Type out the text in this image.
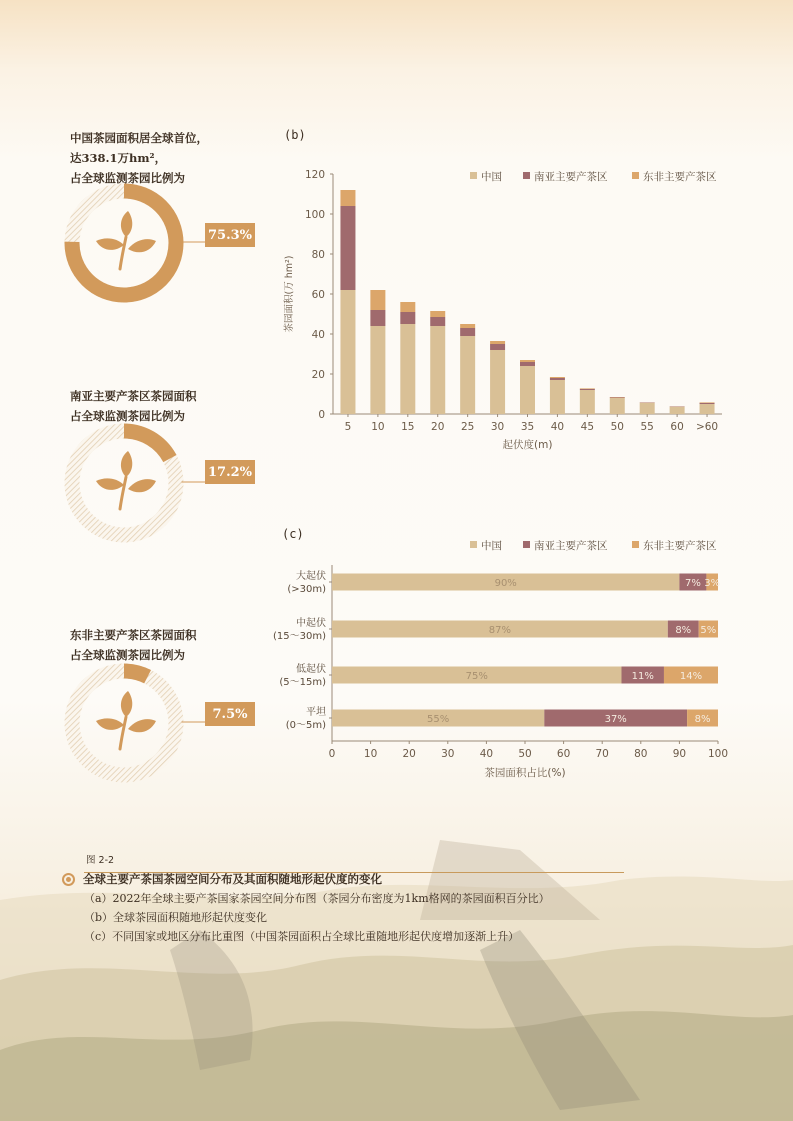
中国茶园面积居全球首位，
达338.1万hm²，
占全球监测茶园比例为
75.3%
南亚主要产茶区茶园面积
占全球监测茶园比例为
17.2%
东非主要产茶区茶园面积
占全球监测茶园比例为
7.5%
(b)
(c)
0
20
40
60
80
100
120
茶园面积(万 hm²)
5 10 15 20 25 30 35 40 45 50 55 60 >60
起伏度(m)
中国	南亚主要产茶区	东非主要产茶区
0	10 20 30 40 50 60 70 80 90 100
茶园面积占比(%)
大起伏
(>30m)
90%	7% 3%
中起伏
(15～30m)
87%	8% 5%
低起伏
(5～15m)
75%	11%	14%
平坦
(0～5m)
55%	37%	8%
中国	南亚主要产茶区	东非主要产茶区
图 2-2
全球主要产茶国茶园空间分布及其面积随地形起伏度的变化
（a）2022年全球主要产茶国家茶园空间分布图（茶园分布密度为1km格网的茶园面积百分比）
（b）全球茶园面积随地形起伏度变化
（c）不同国家或地区分布比重图（中国茶园面积占全球比重随地形起伏度增加逐渐上升）
